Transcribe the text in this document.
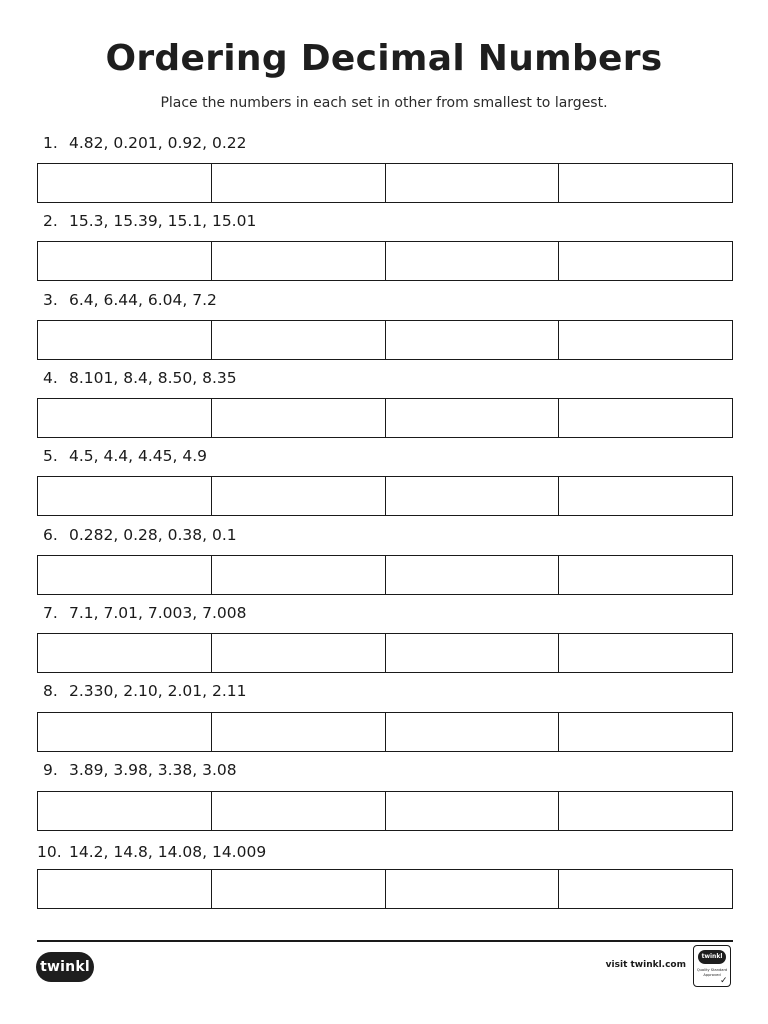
Ordering Decimal Numbers
Place the numbers in each set in other from smallest to largest.
1. 4.82, 0.201, 0.92, 0.22
2. 15.3, 15.39, 15.1, 15.01
3. 6.4, 6.44, 6.04, 7.2
4. 8.101, 8.4, 8.50, 8.35
5. 4.5, 4.4, 4.45, 4.9
6. 0.282, 0.28, 0.38, 0.1
7. 7.1, 7.01, 7.003, 7.008
8. 2.330, 2.10, 2.01, 2.11
9. 3.89, 3.98, 3.38, 3.08
10. 14.2, 14.8, 14.08, 14.009
twinkl	visit twinkl.com
twinkl
Quality Standard Approved
✓
